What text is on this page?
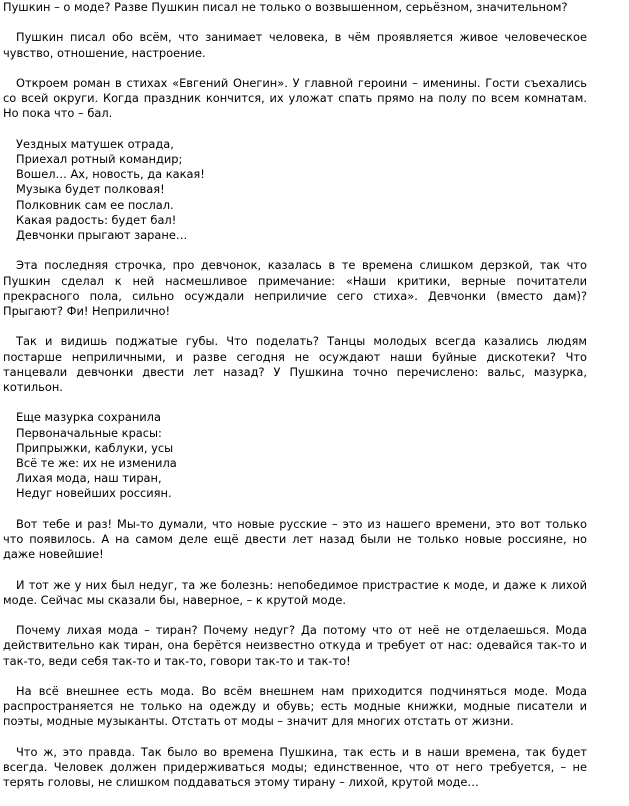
Пушкин – о моде? Разве Пушкин писал не только о возвышенном, серьёзном, значительном?

Пушкин писал обо всём, что занимает человека, в чём проявляется живое человеческое чувство, отношение, настроение.

Откроем роман в стихах «Евгений Онегин». У главной героини – именины. Гости съехались со всей округи. Когда праздник кончится, их уложат спать прямо на полу по всем комнатам. Но пока что – бал.

Уездных матушек отрада,
Приехал ротный командир;
Вошел… Ах, новость, да какая!
Музыка будет полковая!
Полковник сам ее послал.
Какая радость: будет бал!
Девчонки прыгают заране…

Эта последняя строчка, про девчонок, казалась в те времена слишком дерзкой, так что Пушкин сделал к ней насмешливое примечание: «Наши критики, верные почитатели прекрасного пола, сильно осуждали неприличие сего стиха». Девчонки (вместо дам)? Прыгают? Фи! Неприлично!

Так и видишь поджатые губы. Что поделать? Танцы молодых всегда казались людям постарше неприличными, и разве сегодня не осуждают наши буйные дискотеки? Что танцевали девчонки двести лет назад? У Пушкина точно перечислено: вальс, мазурка, котильон.

Еще мазурка сохранила
Первоначальные красы:
Припрыжки, каблуки, усы
Всё те же: их не изменила
Лихая мода, наш тиран,
Недуг новейших россиян.

Вот тебе и раз! Мы-то думали, что новые русские – это из нашего времени, это вот только что появилось. А на самом деле ещё двести лет назад были не только новые россияне, но даже новейшие!

И тот же у них был недуг, та же болезнь: непобедимое пристрастие к моде, и даже к лихой моде. Сейчас мы сказали бы, наверное, – к крутой моде.

Почему лихая мода – тиран? Почему недуг? Да потому что от неё не отделаешься. Мода действительно как тиран, она берётся неизвестно откуда и требует от нас: одевайся так-то и так-то, веди себя так-то и так-то, говори так-то и так-то!

На всё внешнее есть мода. Во всём внешнем нам приходится подчиняться моде. Мода распространяется не только на одежду и обувь; есть модные книжки, модные писатели и поэты, модные музыканты. Отстать от моды – значит для многих отстать от жизни.

Что ж, это правда. Так было во времена Пушкина, так есть и в наши времена, так будет всегда. Человек должен придерживаться моды; единственное, что от него требуется, – не терять головы, не слишком поддаваться этому тирану – лихой, крутой моде…
